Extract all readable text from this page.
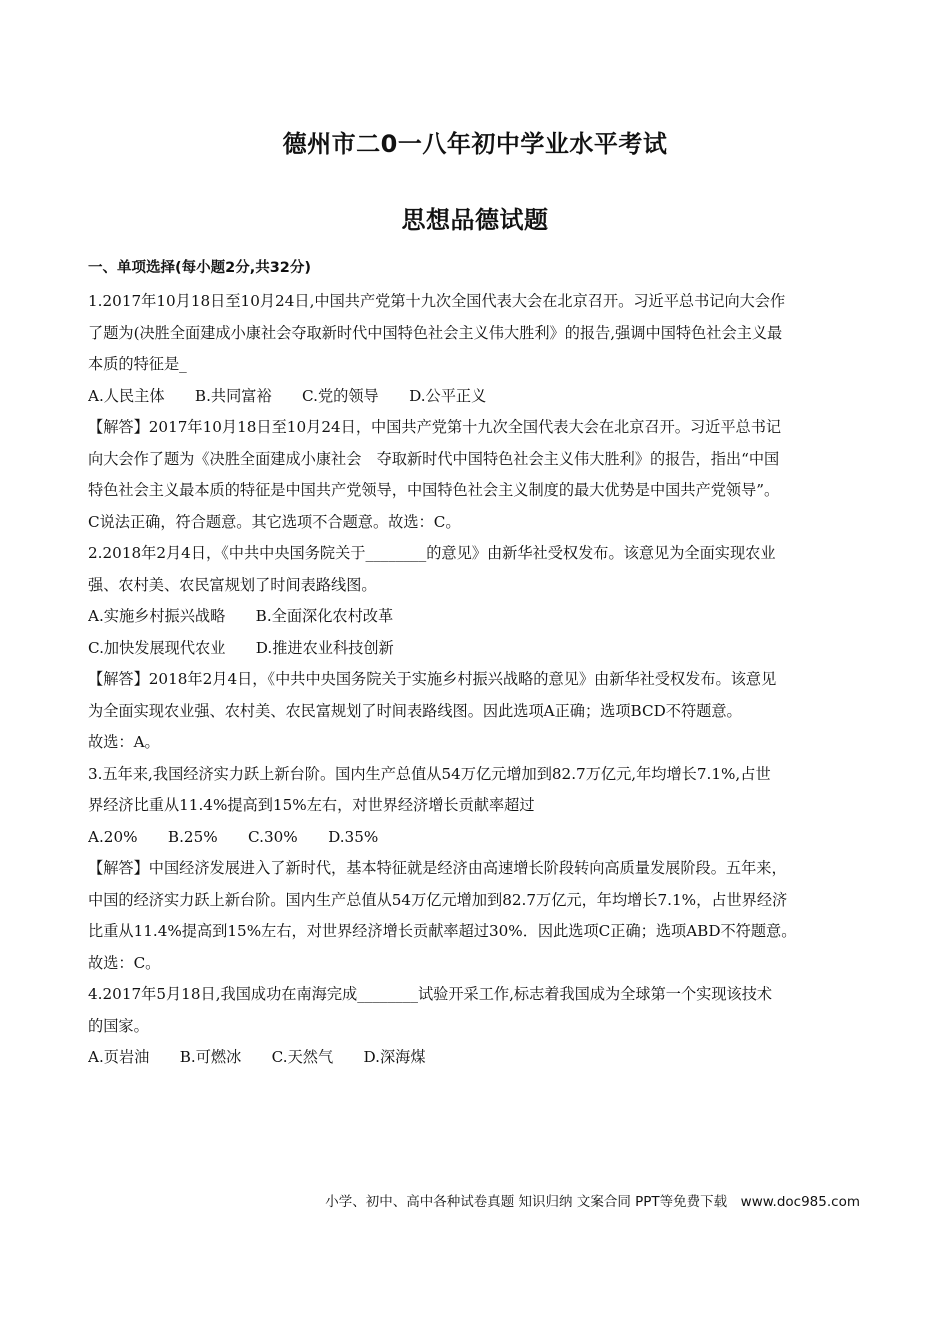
德州市二0一八年初中学业水平考试
思想品德试题
一、单项选择(每小题2分,共32分)
1.2017年10月18日至10月24日,中国共产党第十九次全国代表大会在北京召开。习近平总书记向大会作
了题为(决胜全面建成小康社会夺取新时代中国特色社会主义伟大胜利》的报告,强调中国特色社会主义最
本质的特征是_
A.人民主体　　B.共同富裕　　C.党的领导　　D.公平正义
【解答】2017年10月18日至10月24日，中国共产党第十九次全国代表大会在北京召开。习近平总书记
向大会作了题为《决胜全面建成小康社会　夺取新时代中国特色社会主义伟大胜利》的报告，指出“中国
特色社会主义最本质的特征是中国共产党领导，中国特色社会主义制度的最大优势是中国共产党领导”。
C说法正确，符合题意。其它选项不合题意。故选：C。
2.2018年2月4日，《中共中央国务院关于________的意见》由新华社受权发布。该意见为全面实现农业
强、农村美、农民富规划了时间表路线图。
A.实施乡村振兴战略　　B.全面深化农村改革
C.加快发展现代农业　　D.推进农业科技创新
【解答】2018年2月4日，《中共中央国务院关于实施乡村振兴战略的意见》由新华社受权发布。该意见
为全面实现农业强、农村美、农民富规划了时间表路线图。因此选项A正确；选项BCD不符题意。
故选：A。
3.五年来,我国经济实力跃上新台阶。国内生产总值从54万亿元增加到82.7万亿元,年均增长7.1%,占世
界经济比重从11.4%提高到15%左右，对世界经济增长贡献率超过
A.20%　　B.25%　　C.30%　　D.35%
【解答】中国经济发展进入了新时代，基本特征就是经济由高速增长阶段转向高质量发展阶段。五年来，
中国的经济实力跃上新台阶。国内生产总值从54万亿元增加到82.7万亿元，年均增长7.1%，占世界经济
比重从11.4%提高到15%左右，对世界经济增长贡献率超过30%．因此选项C正确；选项ABD不符题意。
故选：C。
4.2017年5月18日,我国成功在南海完成________试验开采工作,标志着我国成为全球第一个实现该技术
的国家。
A.页岩油　　B.可燃冰　　C.天然气　　D.深海煤
小学、初中、高中各种试卷真题 知识归纳 文案合同 PPT等免费下载　www.doc985.com
